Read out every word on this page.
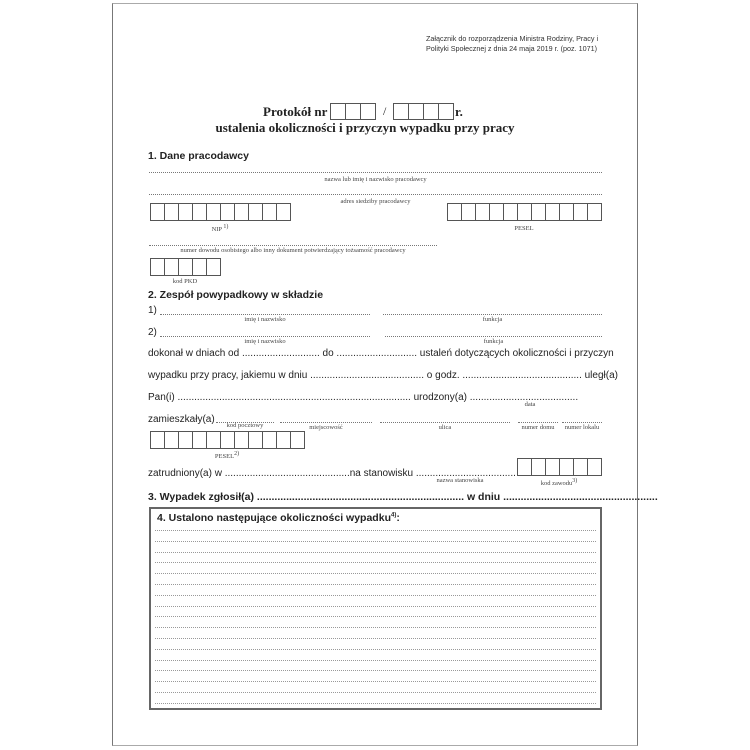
Załącznik do rozporządzenia Ministra Rodziny, Pracy i
Polityki Społecznej z dnia 24 maja 2019 r. (poz. 1071)
Protokół nr	/	r.
ustalenia okoliczności i przyczyn wypadku przy pracy
1. Dane pracodawcy
nazwa lub imię i nazwisko pracodawcy
adres siedziby pracodawcy
NIP $^{1)}$	PESEL
numer dowodu osobistego albo inny dokument potwierdzający tożsamość pracodawcy
kod PKD
2. Zespół powypadkowy w składzie
1)
imię i nazwisko	funkcja
2)
imię i nazwisko	funkcja
dokonał w dniach od ............................ do ............................. ustaleń dotyczących okoliczności i przyczyn
wypadku przy pracy, jakiemu w dniu ......................................... o godz. ........................................... uległ(a)
Pan(i) .................................................................................... urodzony(a) .......................................
data
zamieszkały(a)
kod pocztowy	miejscowość	ulica	numer domu	numer lokalu
PESEL$^{2)}$
zatrudniony(a) w .............................................na stanowisku ....................................
nazwa stanowiska	kod zawodu$^{3)}$
3. Wypadek zgłosił(a) ....................................................................... w dniu .....................................................
4. Ustalono następujące okoliczności wypadku$^{4)}$:
